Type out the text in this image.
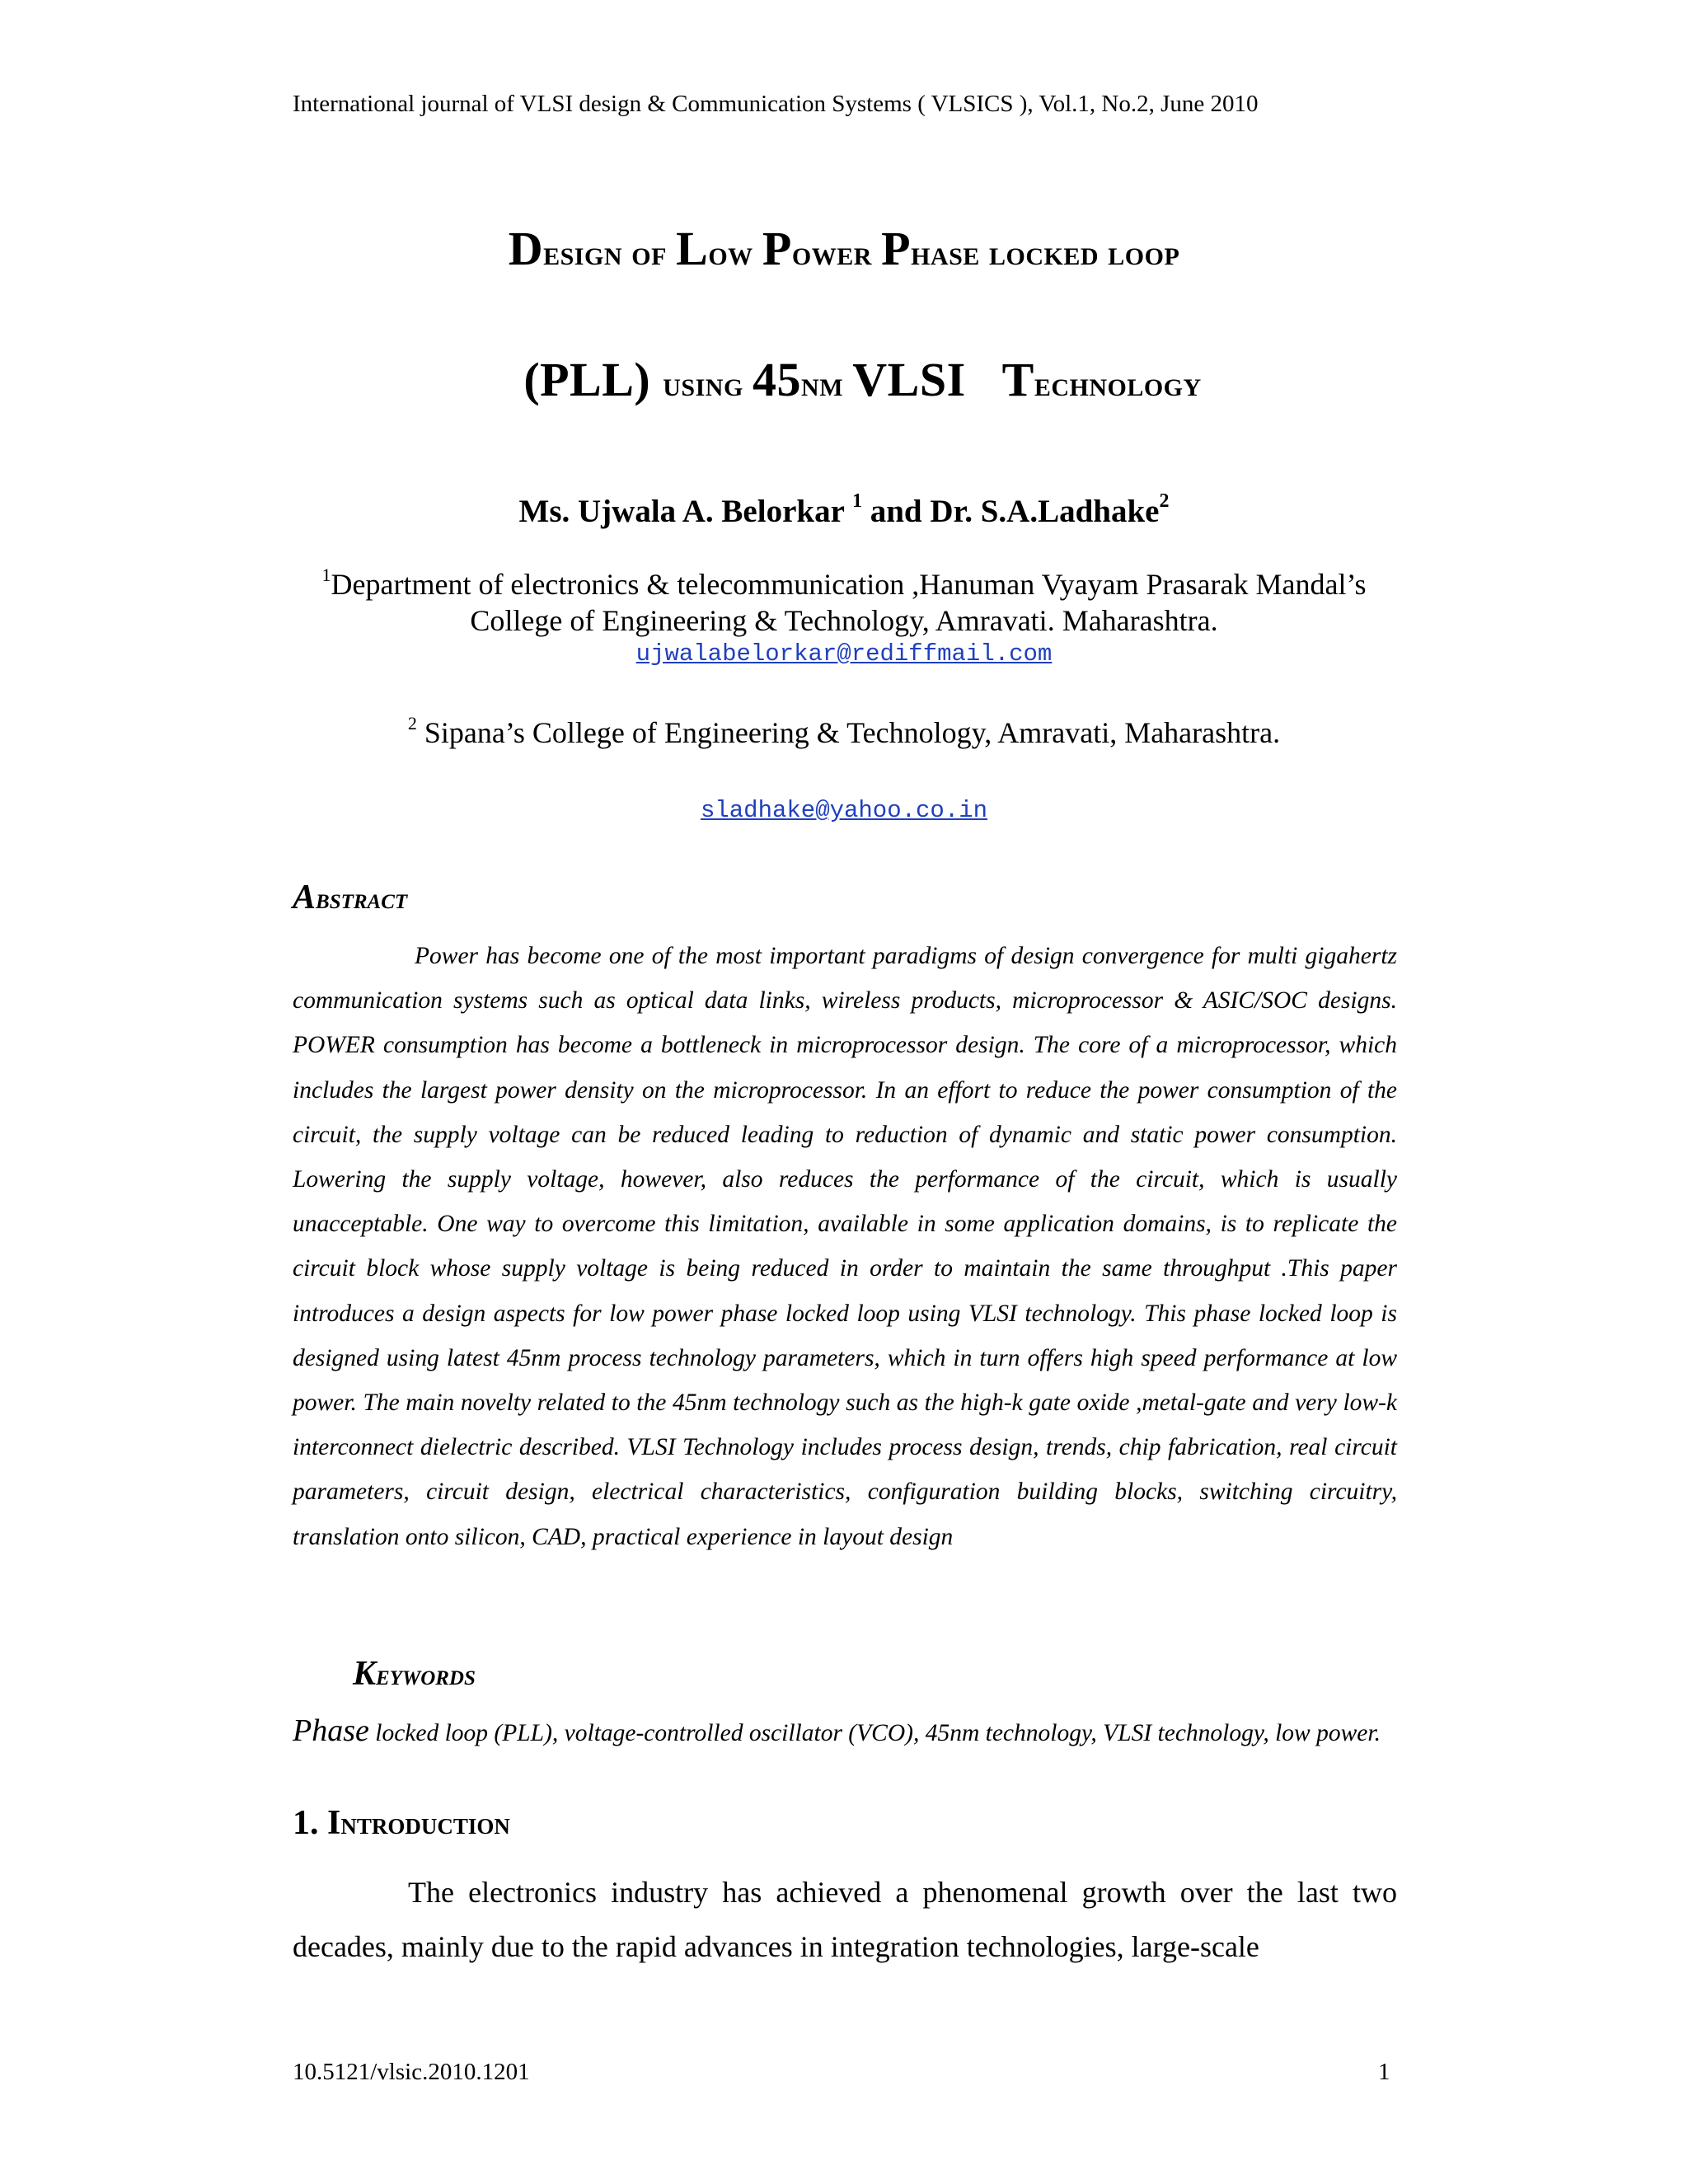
International journal of VLSI design & Communication Systems ( VLSICS ), Vol.1, No.2, June 2010
Design of Low Power Phase locked loop

(PLL) using 45nm VLSI   Technology

Ms. Ujwala A. Belorkar $^1$ and Dr. S.A.Ladhake$^2$
$^1$Department of electronics & telecommunication ,Hanuman Vyayam Prasarak Mandal’s
College of Engineering & Technology, Amravati. Maharashtra.
ujwalabelorkar@rediffmail.com
$^2$ Sipana’s College of Engineering & Technology, Amravati, Maharashtra.
sladhake@yahoo.co.in
Abstract

Power has become one of the most important paradigms of design convergence for multi gigahertz communication systems such as optical data links, wireless products, microprocessor & ASIC/SOC designs. POWER consumption has become a bottleneck in microprocessor design. The core of a microprocessor, which includes the largest power density on the microprocessor. In an effort to reduce the power consumption of the circuit, the supply voltage can be reduced leading to reduction of dynamic and static power consumption. Lowering the supply voltage, however, also reduces the performance of the circuit, which is usually unacceptable. One way to overcome this limitation, available in some application domains, is to replicate the circuit block whose supply voltage is being reduced in order to maintain the same throughput .This paper introduces a design aspects for low power phase locked loop using VLSI technology. This phase locked loop is designed using latest 45nm process technology parameters, which in turn offers high speed performance at low power. The main novelty related to the 45nm technology such as the high-k gate oxide ,metal-gate and very low-k interconnect dielectric described. VLSI Technology includes process design, trends, chip fabrication, real circuit parameters, circuit design, electrical characteristics, configuration building blocks, switching circuitry, translation onto silicon, CAD, practical experience in layout design

Keywords

Phase locked loop (PLL), voltage-controlled oscillator (VCO), 45nm technology, VLSI technology, low power.

1. Introduction

The electronics industry has achieved a phenomenal growth over the last two decades, mainly due to the rapid advances in integration technologies, large-scale

10.5121/vlsic.2010.1201	1
